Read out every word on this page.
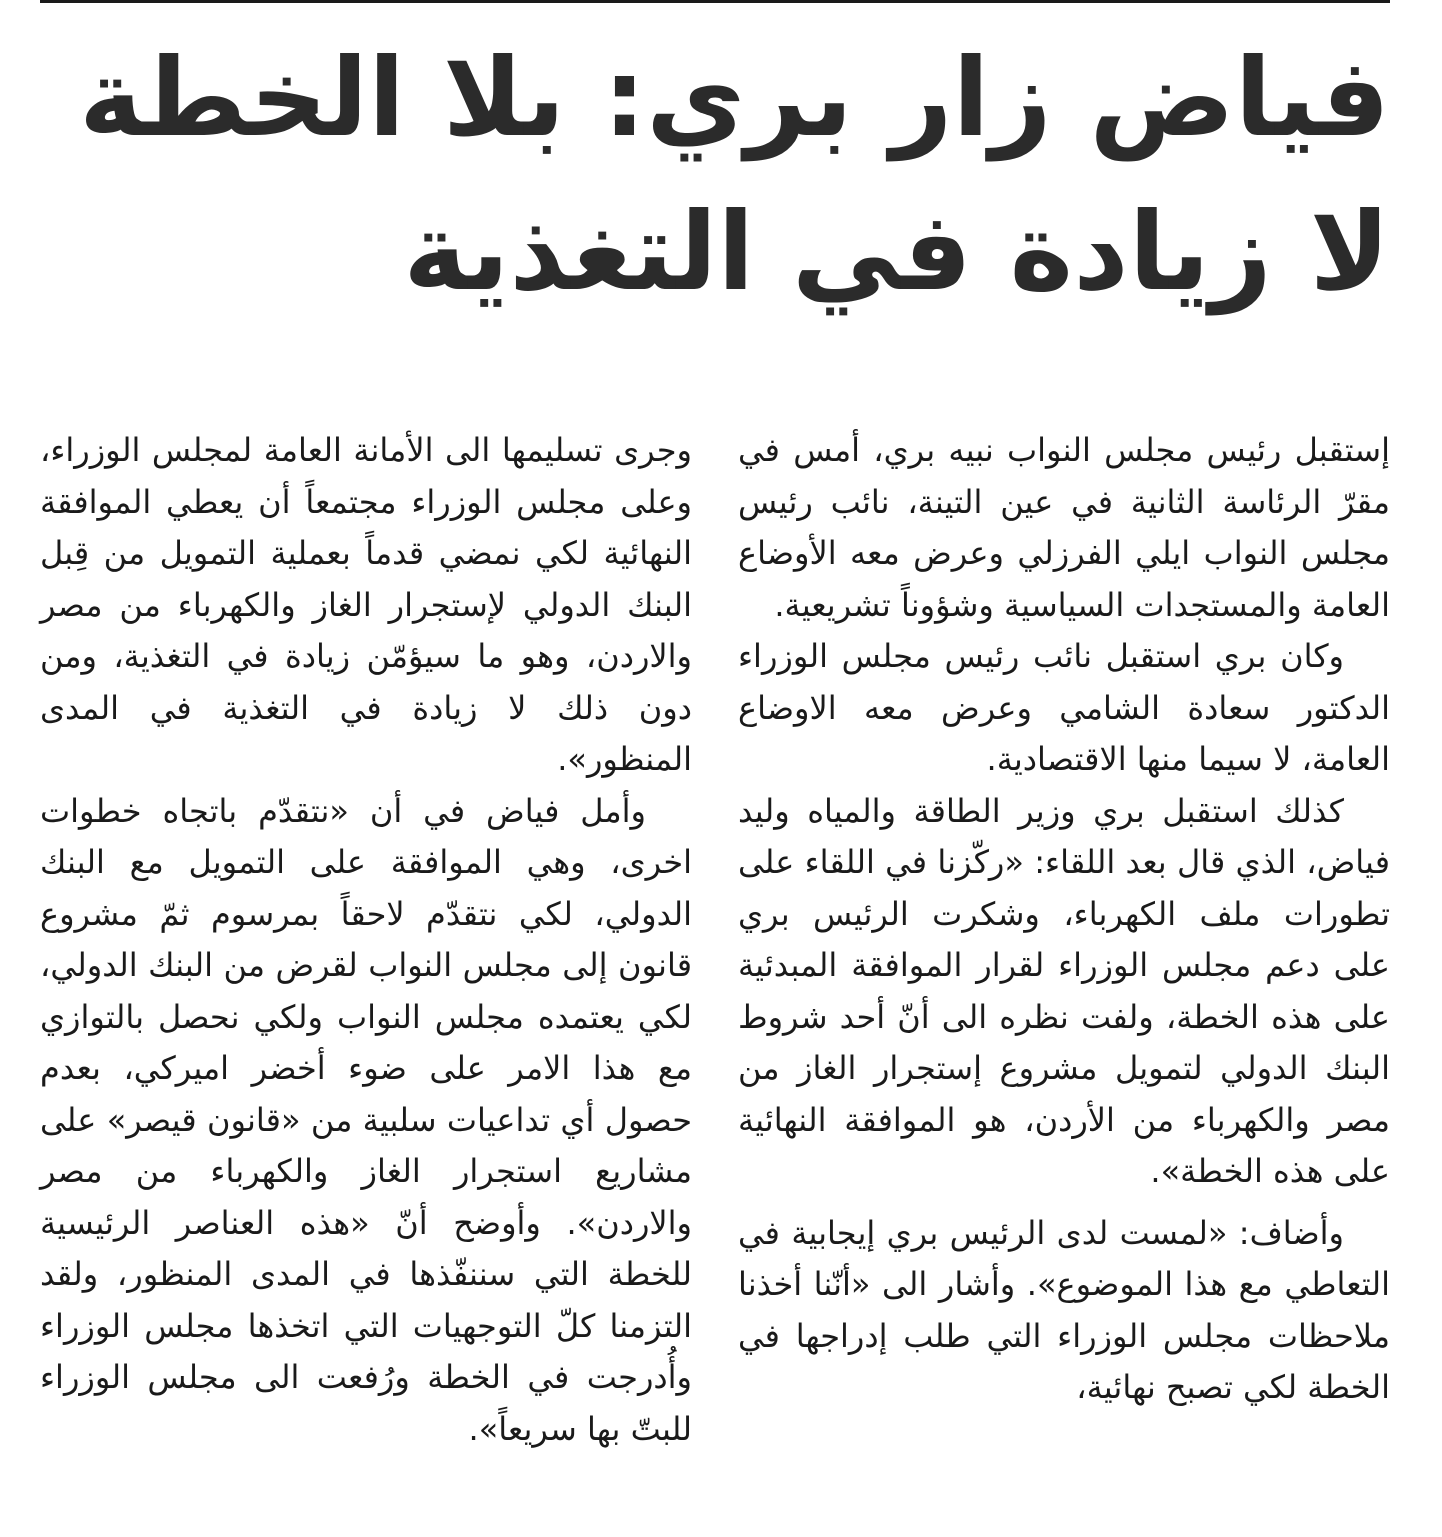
فياض زار بري: بلا الخطة
لا زيادة في التغذية

إستقبل رئيس مجلس النواب نبيه بري، أمس في مقرّ الرئاسة الثانية في عين التينة، نائب رئيس مجلس النواب ايلي الفرزلي وعرض معه الأوضاع العامة والمستجدات السياسية وشؤوناً تشريعية.

وكان بري استقبل نائب رئيس مجلس الوزراء الدكتور سعادة الشامي وعرض معه الاوضاع العامة، لا سيما منها الاقتصادية.

كذلك استقبل بري وزير الطاقة والمياه وليد فياض، الذي قال بعد اللقاء: «ركّزنا في اللقاء على تطورات ملف الكهرباء، وشكرت الرئيس بري على دعم مجلس الوزراء لقرار الموافقة المبدئية على هذه الخطة، ولفت نظره الى أنّ أحد شروط البنك الدولي لتمويل مشروع إستجرار الغاز من مصر والكهرباء من الأردن، هو الموافقة النهائية على هذه الخطة».

وأضاف: «لمست لدى الرئيس بري إيجابية في التعاطي مع هذا الموضوع». وأشار الى «أنّنا أخذنا ملاحظات مجلس الوزراء التي طلب إدراجها في الخطة لكي تصبح نهائية،

وجرى تسليمها الى الأمانة العامة لمجلس الوزراء، وعلى مجلس الوزراء مجتمعاً أن يعطي الموافقة النهائية لكي نمضي قدماً بعملية التمويل من قِبل البنك الدولي لإستجرار الغاز والكهرباء من مصر والاردن، وهو ما سيؤمّن زيادة في التغذية، ومن دون ذلك لا زيادة في التغذية في المدى المنظور».

وأمل فياض في أن «نتقدّم باتجاه خطوات اخرى، وهي الموافقة على التمويل مع البنك الدولي، لكي نتقدّم لاحقاً بمرسوم ثمّ مشروع قانون إلى مجلس النواب لقرض من البنك الدولي، لكي يعتمده مجلس النواب ولكي نحصل بالتوازي مع هذا الامر على ضوء أخضر اميركي، بعدم حصول أي تداعيات سلبية من «قانون قيصر» على مشاريع استجرار الغاز والكهرباء من مصر والاردن». وأوضح أنّ «هذه العناصر الرئيسية للخطة التي سننفّذها في المدى المنظور، ولقد التزمنا كلّ التوجهيات التي اتخذها مجلس الوزراء وأُدرجت في الخطة ورُفعت الى مجلس الوزراء للبتّ بها سريعاً».
